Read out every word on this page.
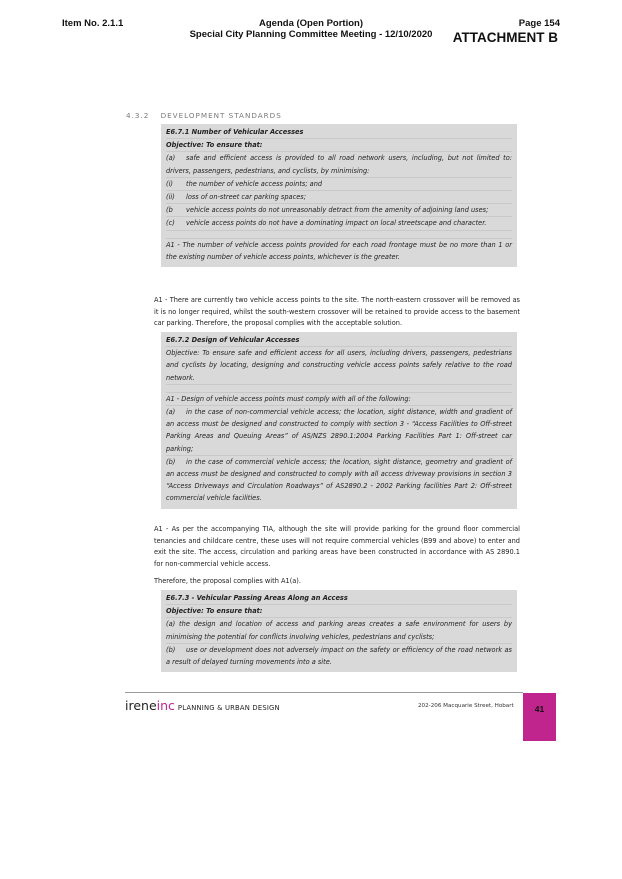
Item No. 2.1.1	Agenda (Open Portion)
Special City Planning Committee Meeting - 12/10/2020
Page 154
ATTACHMENT B
4.3.2 DEVELOPMENT STANDARDS

E6.7.1 Number of Vehicular Accesses

Objective: To ensure that:

(a) safe and efficient access is provided to all road network users, including, but not limited to: drivers, passengers, pedestrians, and cyclists, by minimising:

(i) the number of vehicle access points; and

(ii) loss of on-street car parking spaces;

(b vehicle access points do not unreasonably detract from the amenity of adjoining land uses;

(c) vehicle access points do not have a dominating impact on local streetscape and character.

A1 - The number of vehicle access points provided for each road frontage must be no more than 1 or the existing number of vehicle access points, whichever is the greater.

A1 - There are currently two vehicle access points to the site. The north-eastern crossover will be removed as it is no longer required, whilst the south-western crossover will be retained to provide access to the basement car parking. Therefore, the proposal complies with the acceptable solution.

E6.7.2 Design of Vehicular Accesses

Objective: To ensure safe and efficient access for all users, including drivers, passengers, pedestrians and cyclists by locating, designing and constructing vehicle access points safely relative to the road network.

A1 - Design of vehicle access points must comply with all of the following:

(a) in the case of non-commercial vehicle access; the location, sight distance, width and gradient of an access must be designed and constructed to comply with section 3 - “Access Facilities to Off-street Parking Areas and Queuing Areas” of AS/NZS 2890.1:2004 Parking Facilities Part 1: Off-street car parking;

(b) in the case of commercial vehicle access; the location, sight distance, geometry and gradient of an access must be designed and constructed to comply with all access driveway provisions in section 3 “Access Driveways and Circulation Roadways” of AS2890.2 - 2002 Parking facilities Part 2: Off-street commercial vehicle facilities.

A1 - As per the accompanying TIA, although the site will provide parking for the ground floor commercial tenancies and childcare centre, these uses will not require commercial vehicles (B99 and above) to enter and exit the site. The access, circulation and parking areas have been constructed in accordance with AS 2890.1 for non-commercial vehicle access.
Therefore, the proposal complies with A1(a).

E6.7.3 - Vehicular Passing Areas Along an Access

Objective: To ensure that:

(a) the design and location of access and parking areas creates a safe environment for users by minimising the potential for conflicts involving vehicles, pedestrians and cyclists;

(b) use or development does not adversely impact on the safety or efficiency of the road network as a result of delayed turning movements into a site.

ireneinc PLANNING & URBAN DESIGN	202-206 Macquarie Street, Hobart	41
